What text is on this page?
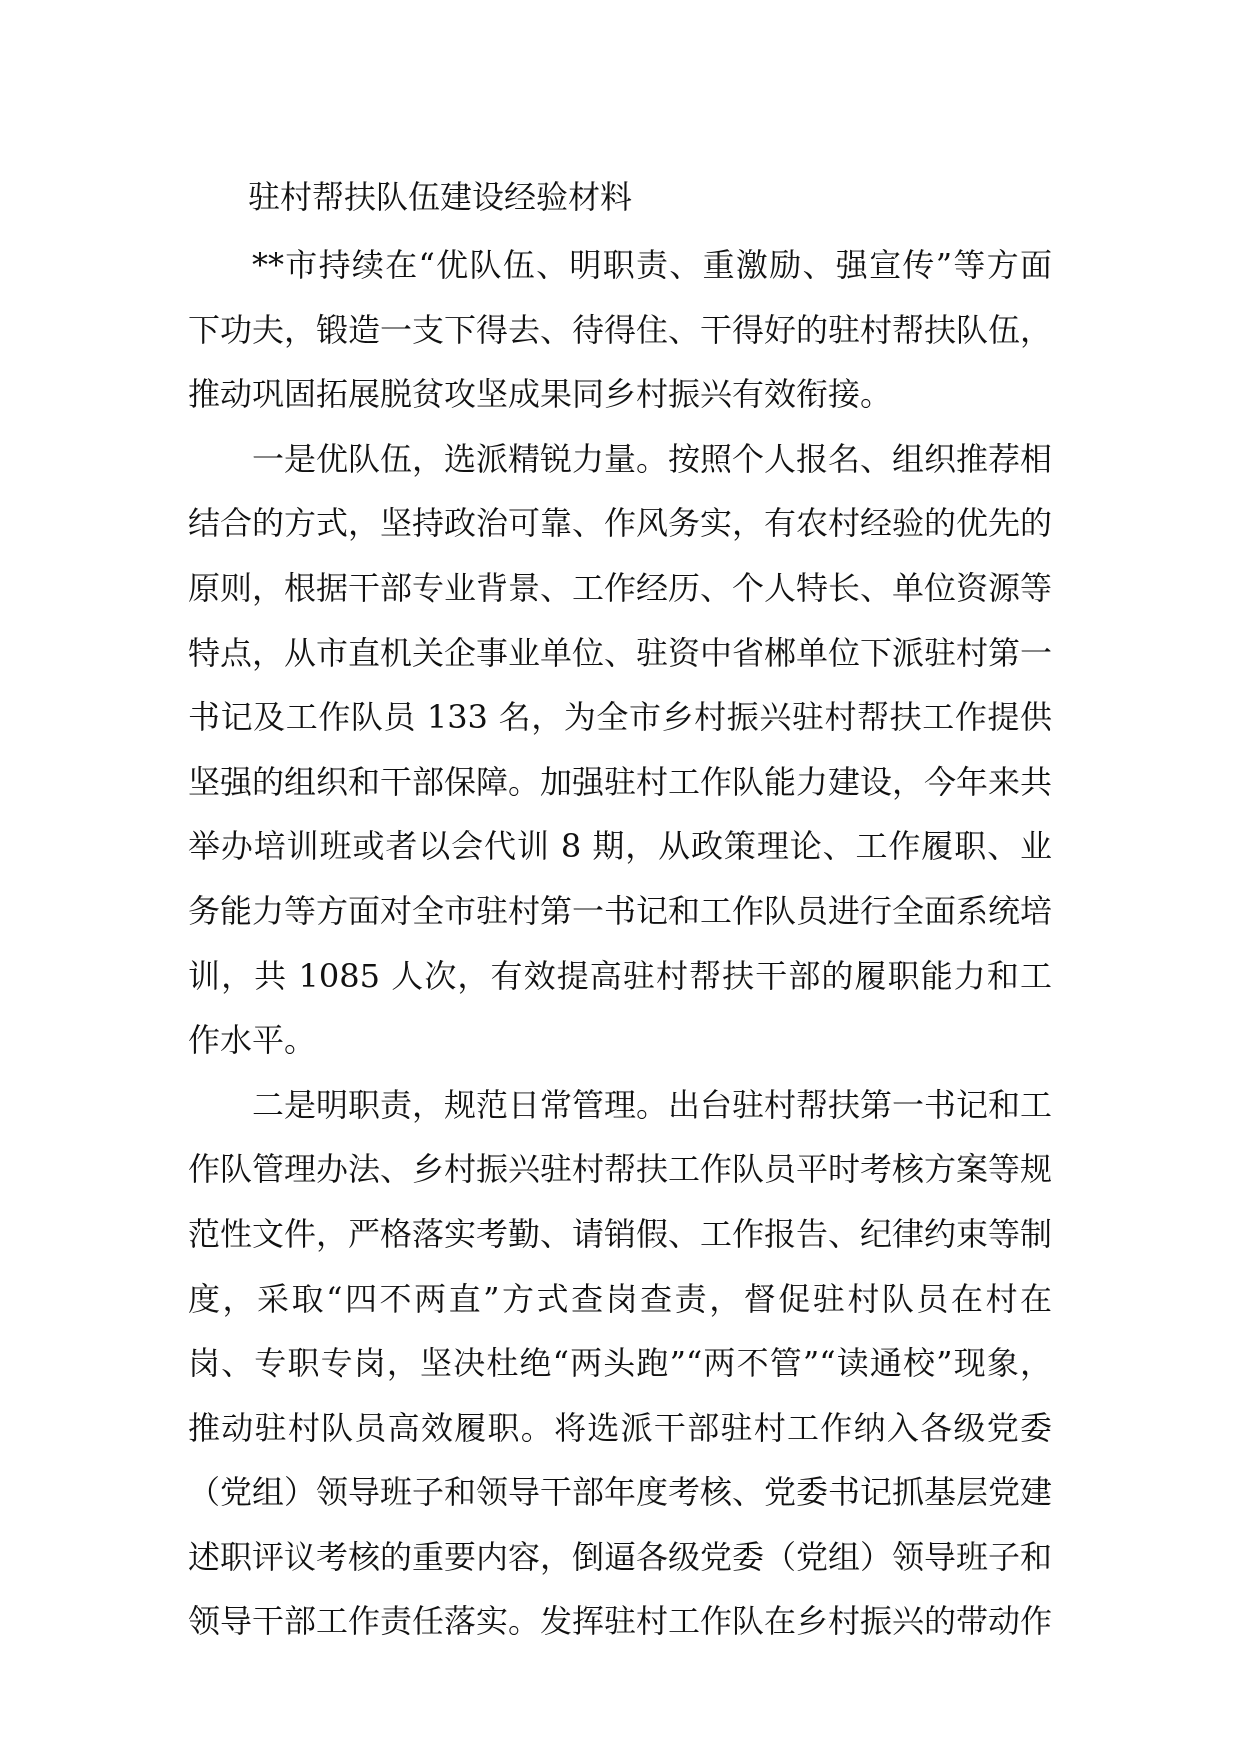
驻村帮扶队伍建设经验材料

**市持续在“优队伍、明职责、重激励、强宣传”等方面下功夫，锻造一支下得去、待得住、干得好的驻村帮扶队伍，推动巩固拓展脱贫攻坚成果同乡村振兴有效衔接。

一是优队伍，选派精锐力量。按照个人报名、组织推荐相结合的方式，坚持政治可靠、作风务实，有农村经验的优先的原则，根据干部专业背景、工作经历、个人特长、单位资源等特点，从市直机关企事业单位、驻资中省郴单位下派驻村第一书记及工作队员 133 名，为全市乡村振兴驻村帮扶工作提供坚强的组织和干部保障。加强驻村工作队能力建设，今年来共举办培训班或者以会代训 8 期，从政策理论、工作履职、业务能力等方面对全市驻村第一书记和工作队员进行全面系统培训，共 1085 人次，有效提高驻村帮扶干部的履职能力和工作水平。

二是明职责，规范日常管理。出台驻村帮扶第一书记和工作队管理办法、乡村振兴驻村帮扶工作队员平时考核方案等规范性文件，严格落实考勤、请销假、工作报告、纪律约束等制度，采取“四不两直”方式查岗查责，督促驻村队员在村在岗、专职专岗，坚决杜绝“两头跑”“两不管”“读通校”现象，推动驻村队员高效履职。将选派干部驻村工作纳入各级党委（党组）领导班子和领导干部年度考核、党委书记抓基层党建述职评议考核的重要内容，倒逼各级党委（党组）领导班子和领导干部工作责任落实。发挥驻村工作队在乡村振兴的带动作
